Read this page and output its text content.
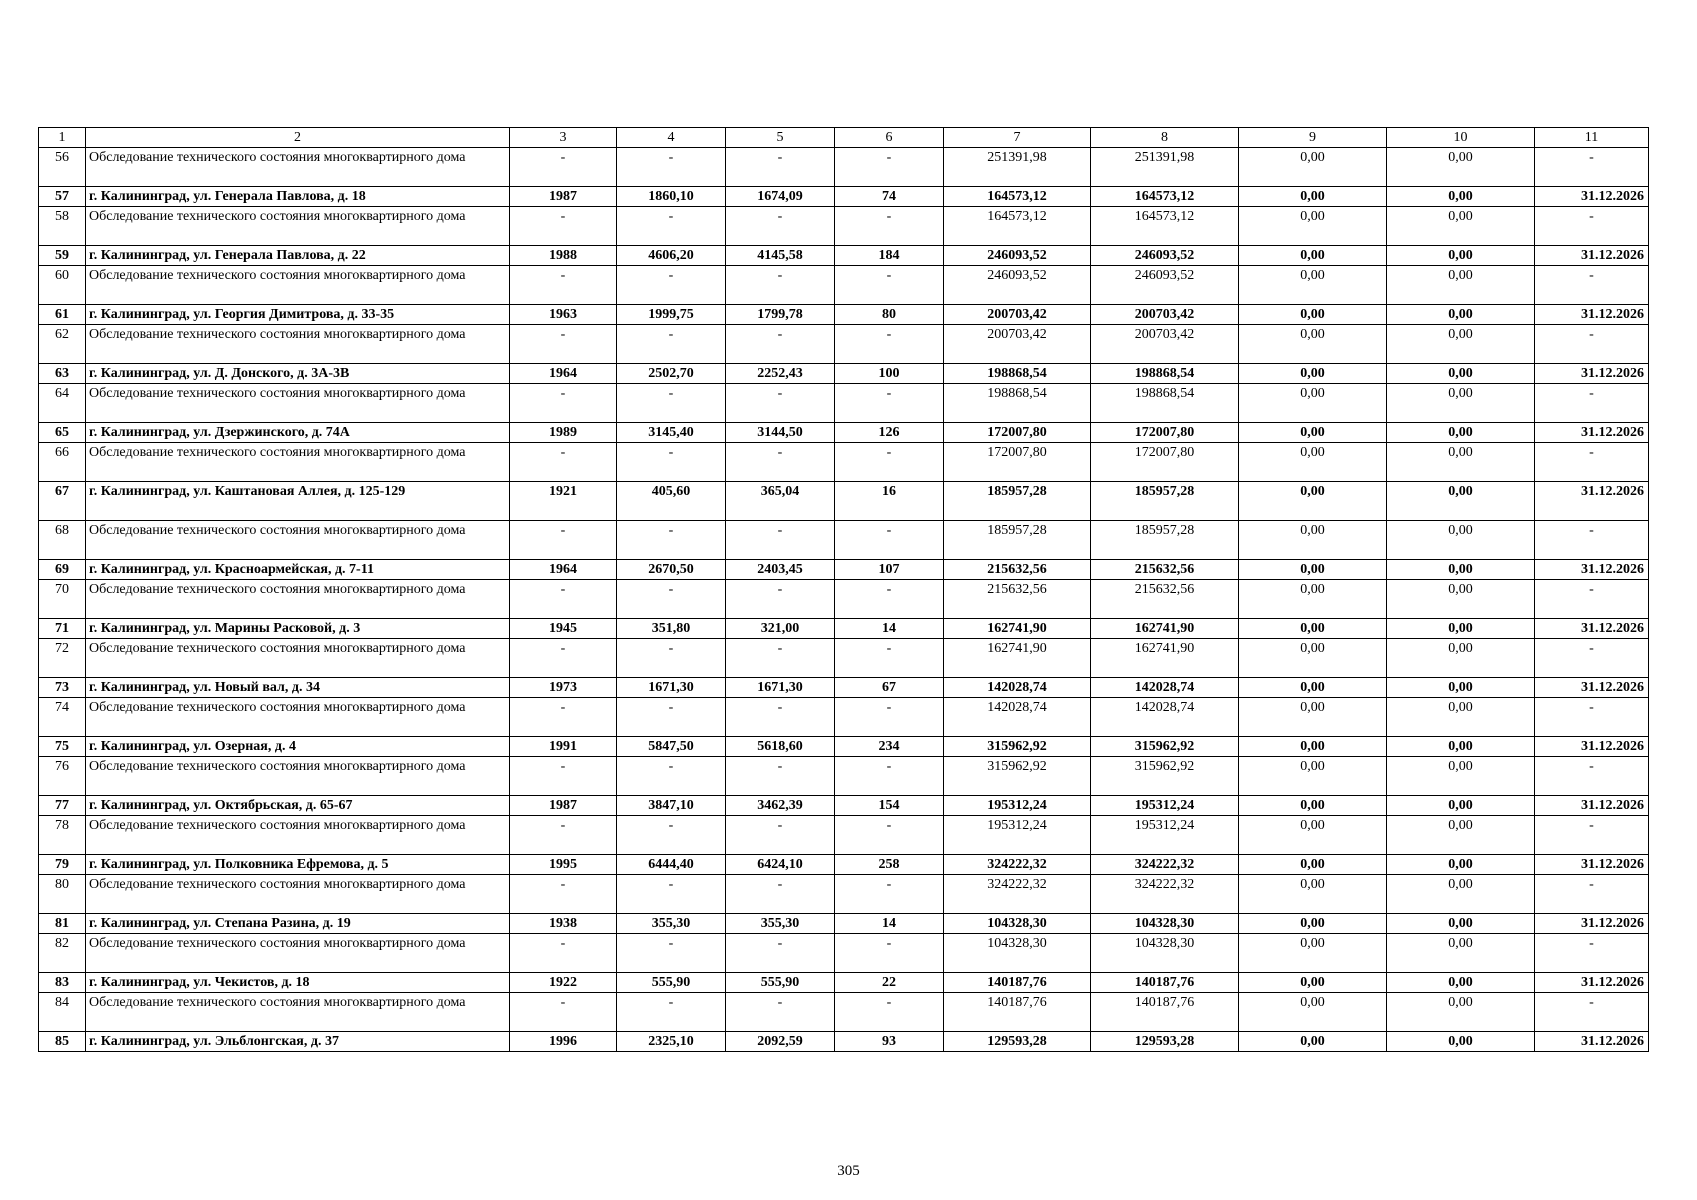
1	2	3	4	5	6	7	8	9	10	11
56	Обследование технического состояния многоквартирного дома	-	-	-	-	251391,98	251391,98	0,00	0,00	-
57	г. Калининград, ул. Генерала Павлова, д. 18	1987	1860,10	1674,09	74	164573,12	164573,12	0,00	0,00	31.12.2026
58	Обследование технического состояния многоквартирного дома	-	-	-	-	164573,12	164573,12	0,00	0,00	-
59	г. Калининград, ул. Генерала Павлова, д. 22	1988	4606,20	4145,58	184	246093,52	246093,52	0,00	0,00	31.12.2026
60	Обследование технического состояния многоквартирного дома	-	-	-	-	246093,52	246093,52	0,00	0,00	-
61	г. Калининград, ул. Георгия Димитрова, д. 33-35	1963	1999,75	1799,78	80	200703,42	200703,42	0,00	0,00	31.12.2026
62	Обследование технического состояния многоквартирного дома	-	-	-	-	200703,42	200703,42	0,00	0,00	-
63	г. Калининград, ул. Д. Донского, д. 3А-3В	1964	2502,70	2252,43	100	198868,54	198868,54	0,00	0,00	31.12.2026
64	Обследование технического состояния многоквартирного дома	-	-	-	-	198868,54	198868,54	0,00	0,00	-
65	г. Калининград, ул. Дзержинского, д. 74А	1989	3145,40	3144,50	126	172007,80	172007,80	0,00	0,00	31.12.2026
66	Обследование технического состояния многоквартирного дома	-	-	-	-	172007,80	172007,80	0,00	0,00	-
67	г. Калининград, ул. Каштановая Аллея, д. 125-129	1921	405,60	365,04	16	185957,28	185957,28	0,00	0,00	31.12.2026
68	Обследование технического состояния многоквартирного дома	-	-	-	-	185957,28	185957,28	0,00	0,00	-
69	г. Калининград, ул. Красноармейская, д. 7-11	1964	2670,50	2403,45	107	215632,56	215632,56	0,00	0,00	31.12.2026
70	Обследование технического состояния многоквартирного дома	-	-	-	-	215632,56	215632,56	0,00	0,00	-
71	г. Калининград, ул. Марины Расковой, д. 3	1945	351,80	321,00	14	162741,90	162741,90	0,00	0,00	31.12.2026
72	Обследование технического состояния многоквартирного дома	-	-	-	-	162741,90	162741,90	0,00	0,00	-
73	г. Калининград, ул. Новый вал, д. 34	1973	1671,30	1671,30	67	142028,74	142028,74	0,00	0,00	31.12.2026
74	Обследование технического состояния многоквартирного дома	-	-	-	-	142028,74	142028,74	0,00	0,00	-
75	г. Калининград, ул. Озерная, д. 4	1991	5847,50	5618,60	234	315962,92	315962,92	0,00	0,00	31.12.2026
76	Обследование технического состояния многоквартирного дома	-	-	-	-	315962,92	315962,92	0,00	0,00	-
77	г. Калининград, ул. Октябрьская, д. 65-67	1987	3847,10	3462,39	154	195312,24	195312,24	0,00	0,00	31.12.2026
78	Обследование технического состояния многоквартирного дома	-	-	-	-	195312,24	195312,24	0,00	0,00	-
79	г. Калининград, ул. Полковника Ефремова, д. 5	1995	6444,40	6424,10	258	324222,32	324222,32	0,00	0,00	31.12.2026
80	Обследование технического состояния многоквартирного дома	-	-	-	-	324222,32	324222,32	0,00	0,00	-
81	г. Калининград, ул. Степана Разина, д. 19	1938	355,30	355,30	14	104328,30	104328,30	0,00	0,00	31.12.2026
82	Обследование технического состояния многоквартирного дома	-	-	-	-	104328,30	104328,30	0,00	0,00	-
83	г. Калининград, ул. Чекистов, д. 18	1922	555,90	555,90	22	140187,76	140187,76	0,00	0,00	31.12.2026
84	Обследование технического состояния многоквартирного дома	-	-	-	-	140187,76	140187,76	0,00	0,00	-
85	г. Калининград, ул. Эльблонгская, д. 37	1996	2325,10	2092,59	93	129593,28	129593,28	0,00	0,00	31.12.2026
305
